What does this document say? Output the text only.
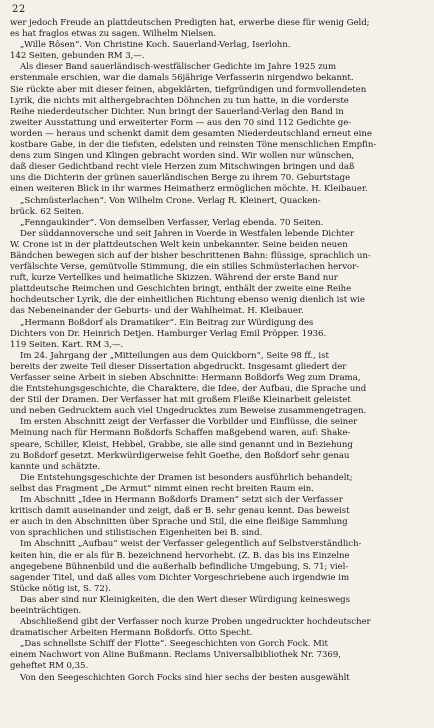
22
wer jedoch Freude an plattdeutschen Predigten hat, erwerbe diese für wenig Geld;
es hat fraglos etwas zu sagen. Wilhelm Nielsen.
„Wille Rôsen“. Von Christine Koch. Sauerland-Verlag, Iserlohn.
142 Seiten, gebunden RM 3,—.
Als dieser Band sauerländisch-westfälischer Gedichte im Jahre 1925 zum
erstenmale erschien, war die damals 56jährige Verfasserin nirgendwo bekannt.
Sie rückte aber mit dieser feinen, abgeklärten, tiefgründigen und formvollendeten
Lyrik, die nichts mit althergebrachten Döhnchen zu tun hatte, in die vorderste
Reihe niederdeutscher Dichter. Nun bringt der Sauerland-Verlag den Band in
zweiter Ausstattung und erweiterter Form — aus den 70 sind 112 Gedichte ge-
worden — heraus und schenkt damit dem gesamten Niederdeutschland erneut eine
kostbare Gabe, in der die tiefsten, edelsten und reinsten Töne menschlichen Empfin-
dens zum Singen und Klingen gebracht worden sind. Wir wollen nur wünschen,
daß dieser Gedichtband recht viele Herzen zum Mitschwingen bringen und daß
uns die Dichterin der grünen sauerländischen Berge zu ihrem 70. Geburtstage
einen weiteren Blick in ihr warmes Heimatherz ermöglichen möchte. H. Kleibauer.
„Schmüsterlachen“. Von Wilhelm Crone. Verlag R. Kleinert, Quacken-
brück. 62 Seiten.
„Fenngaukinder“. Von demselben Verfasser, Verlag ebenda. 70 Seiten.
Der süddannoversche und seit Jahren in Voerde in Westfalen lebende Dichter
W. Crone ist in der plattdeutschen Welt kein unbekannter. Seine beiden neuen
Bändchen bewegen sich auf der bisher beschrittenen Bahn: flüssige, sprachlich un-
verfälschte Verse, gemütvolle Stimmung, die ein stilles Schmüsterlachen hervor-
ruft, kurze Vertellkes und heimatliche Skizzen. Während der erste Band nur
plattdeutsche Reimchen und Geschichten bringt, enthält der zweite eine Reihe
hochdeutscher Lyrik, die der einheitlichen Richtung ebenso wenig dienlich ist wie
das Nebeneinander der Geburts- und der Wahlheimat. H. Kleibauer.
„Hermann Boßdorf als Dramatiker“. Ein Beitrag zur Würdigung des
Dichters von Dr. Heinrich Detjen. Hamburger Verlag Emil Pröpper. 1936.
119 Seiten. Kart. RM 3,—.
Im 24. Jahrgang der „Mitteilungen aus dem Quickborn“, Seite 98 ff., ist
bereits der zweite Teil dieser Dissertation abgedruckt. Insgesamt gliedert der
Verfasser seine Arbeit in sieben Abschnitte: Hermann Boßdorfs Weg zum Drama,
die Entstehungsgeschichte, die Charaktere, die Idee, der Aufbau, die Sprache und
der Stil der Dramen. Der Verfasser hat mit großem Fleiße Kleinarbeit geleistet
und neben Gedrucktem auch viel Ungedrucktes zum Beweise zusammengetragen.
Im ersten Abschnitt zeigt der Verfasser die Vorbilder und Einflüsse, die seiner
Meinung nach für Hermann Boßdorfs Schaffen maßgebend waren, auf: Shake-
speare, Schiller, Kleist, Hebbel, Grabbe, sie alle sind genannt und in Beziehung
zu Boßdorf gesetzt. Merkwürdigerweise fehlt Goethe, den Boßdorf sehr genau
kannte und schätzte.
Die Entstehungsgeschichte der Dramen ist besonders ausführlich behandelt;
selbst das Fragment „De Armut“ nimmt einen recht breiten Raum ein.
Im Abschnitt „Idee in Hermann Boßdorfs Dramen“ setzt sich der Verfasser
kritisch damit auseinander und zeigt, daß er B. sehr genau kennt. Das beweist
er auch in den Abschnitten über Sprache und Stil, die eine fleißige Sammlung
von sprachlichen und stilistischen Eigenheiten bei B. sind.
Im Abschnitt „Aufbau“ weist der Verfasser gelegentlich auf Selbstverständlich-
keiten hin, die er als für B. bezeichnend hervorhebt. (Z. B. das bis ins Einzelne
angegebene Bühnenbild und die außerhalb befindliche Umgebung, S. 71; viel-
sagender Titel, und daß alles vom Dichter Vorgeschriebene auch irgendwie im
Stücke nötig ist, S. 72).
Das aber sind nur Kleinigkeiten, die den Wert dieser Würdigung keineswegs
beeinträchtigen.
Abschließend gibt der Verfasser noch kurze Proben ungedruckter hochdeutscher
dramatischer Arbeiten Hermann Boßdorfs. Otto Specht.
„Das schnellste Schiff der Flotte“. Seegeschichten von Gorch Fock. Mit
einem Nachwort von Aline Bußmann. Reclams Universalbibliothek Nr. 7369,
geheftet RM 0,35.
Von den Seegeschichten Gorch Focks sind hier sechs der besten ausgewählt
